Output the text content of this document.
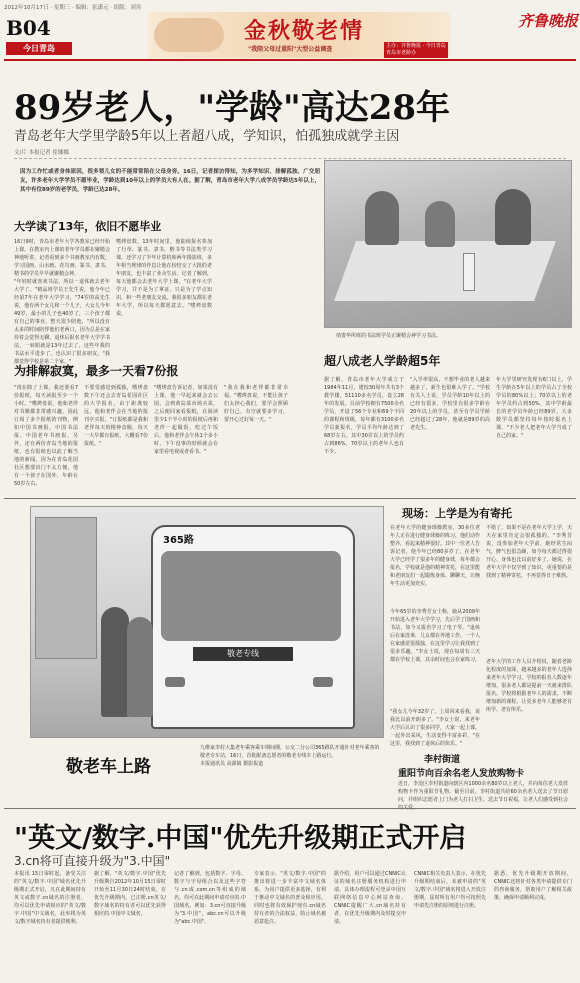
2012年10月17日 · 星期三 · 编辑：张潇元 · 组版：刘宾
B04
今日青岛
金秋敬老情
"我陪父母过重阳"大型公益调查	主办：齐鲁晚报 · 今日青岛
青岛市老龄办
齐鲁晚报
89岁老人，"学龄"高达28年
青岛老年大学里学龄5年以上者超八成，学知识，怕孤独成就学主因
文/片 本报记者 崔娜娜
因为工作忙或者身体原因，很多领儿女的不能常常陪在父母身旁。16日，记者探访得知，为多学知识、排解孤独、广交朋友，许多老年大学学员不愿毕业，学龄达到10年以上的学员大有人在。据了解，青岛市老年大学八成学员学龄达5年以上，其中有位89岁的老学员，学龄已达28年。
大学读了13年，依旧不愿毕业
16日9时，青岛市老年大学各教室已经开始上课。在教室内上课的老年学员都在聚精会神地听讲，记者看到多个书画教室内有数，学习国画、山水画、花鸟画、篆书、隶书，精书的学员早早就聚精会神，
"年轻时就喜欢书法，所以一退休就去老年大学了。"精品班学员王先生说，他今年已经第7年在老年大学学习，"74岁的高先生说，他有两个女儿和一个儿子，大女儿今年49岁，最小的儿子也40岁了，三个孩子都有自己的事业，整天很少陪他，"所以没有太多的时间陪伴他们老两口，因为总是在家待着会觉得无聊，退休后报名老年大学学书法，一转眼就是13年过去了，这些年我的书法水平进步了，也认识了很多朋友，"我都觉得学校是第二个家。"
嗜烤盘数、13年时间里，他陆续报名参加了行草、篆书、隶书，楷书等书法类学习课。还学习了半年计算机和两年摄影班，多年相当规律的作息让他在校结交了大批的老年朋友，也丰富了业余生活。记者了解到，每天他都会去老年大学上课，"在老年大学学习，并不是为了拿证，只是为了学点知识，和一些老朋友交流。我很多朋友都在老年大学，所以每天都愿意去。"嗜烤盘数说。
为排解寂寞，最多一天看7份报
"现在除了上课，我还要看7份报纸，每天读报至少一个小时。"嗜烤盘说，他和老伴对书籍都非常感兴趣，因此订阅了多个报纸的刊物，例如中国书画报、中国书法报、中国老年书画报，另外，还有两份青岛当地的报纸，也有报纸也以此了解当地的新闻。因为在青岛花园社区想要出门不太方便，他有一个孩子在国外，年龄在50岁左右。
不要受感觉到孤独，嗜烤盘数下午还会去青岛花园社区的大学报名，由于距离较远，他和老伴会在当地的报刊亭买报，"订报纸都是我和老伴每天的精神食粮，每天一大早都有报纸，大概看7份报纸。"
"嗜烤盘告诉记者，如果没有上课，他一早起来就会去公园，会到黄岛菜市场买菜，之后便回家看报纸，在阅读里少1个半小时的报纸后再和老伴一起做饭，吃过午饭后，他和老伴会午休1个多小时，下午没事的时候就会在家里看电视或者看书。"
"我在我和老伴都非常幸福。"嗜烤盘说，不能让孩子们太担心我们，要学会照顾好自己，有空就要多学习，要开心过好每一天。"
靖娄华所班的书法班学员正聚精会神学习书法。
超八成老人学龄超5年
据了解，青岛市老年大学成立于1984年11月，建校30周年共有3个教学楼，51110多名学员，设立28年的发展，目前学校拥有7500余名学员，开设了56个专业和69个不同的课程和班级，每年都有3100多名学员新报名，学员平均年龄达到了68岁左右，其中30岁以上的学员约占到86%，70岁以上的老年人也有不少。
"入学率很高，不想毕业的老人越来越多了，新生也很难入学了。"学校有关人士说，学员学龄10年以上的已经有很多，学校里有很多学龄在20年以上的学员，甚至有学员学龄已经超过了28年，他就是89岁的高老先生。
年大学里研究发现有6门以上，学生学龄在5年以上的学员占了全校学员的80%以上；70岁以上的老年学员约占到50%，其中学龄最长的老学员年龄已经89岁，大多数学员都坚持每年按时报名上课。"不少老人把老年大学当成了自己的家。"
365路
敬老专线
敬老车上路
九维家李村大集老年乘客乘车期间期，公交二分公司365路队开通针对老年乘客的敬老专车站，16日，首批配备志愿者的敬老专线车上路运行。
本报通讯员 高源婧 摄影报道
现场：上学是为有寄托
在老年大学的健身球操教室，30多位老年人正在进行健身球操的练习，他们动作整齐，看起来精神很好。其中一位老人告诉记者，他今年已经80多岁了，在老年大学已经学了很多年的健身球，每年都会报名，学校就是他的精神寄托，在这里能和老朋友们一起锻炼身体、聊聊天，让晚年生活更加充实。
今年65岁的李秀芳女士称，她从2009年开始进入老年大学学习，先后学了国画和书法，如今又报名学习了电子琴。"退休后在家没事，儿女都在外地工作，一个人在家感觉很孤独，在这里学习让我找到了很多乐趣。"李女士说，现在每周有三天都在学校上课，其余时间也会在家练习。
"我女儿今年32岁了，上周回来看我，说我比以前开朗多了。"李女士说，来老年大学后认识了很多同学，大家一起上课、一起外出采风，生活变得丰富多彩，"在这里，我找到了退休后的快乐。"
不错了。如果不是在老年大学上学，天天在家里肯定会很孤独的。"李秀芳说，没参加老年大学前，她经常生闷气，脾气也很急躁，如今每天都过得很开心，身体也比以前好多了。她说，在老年大学不仅学到了知识，更重要的是找到了精神寄托，不再觉得日子难熬。
老年大学的工作人员介绍说，随着老龄化程度的加深，越来越多的老年人选择来老年大学学习，学校的报名人数逐年增加，很多老人都是提前一天就来排队报名。学校将根据老年人的需求，不断增加新的课程，让更多老年人能够老有所学、老有所乐。
李村街道
重阳节向百余名老人发放购物卡
近日，李沧区李村街道向辖区内1000余名80岁以上老人，并向每位老人发放购物卡作为重阳节礼物。截至目前，李村街道共给60余名老人送去了节日慰问，并组织志愿者上门为老人打扫卫生、送去节日祝福，让老人们感受到社会
"英文/数字.中国"优先升级期正式开启
3.cn将可直接升级为"3.中国"
本报讯 15日零时起，备受关注的"英文/数字.中国"域名优先升级期正式开启，凡在此期间持有英文或数字.cn域名的注册者，均可以优先申请相应的"英文/数字.中国"中文域名，此举将为英文/数字域名持有者提供便利。
据了解，"英文/数字.中国"优先升级期自2012年10月15日零时开始至11月30日24时结束，在优先升级期内，已注册.cn英文/数字域名的持有者可以优先获得相应的.中国中文域名。
记者了解到，包括数字、字母、数字与字母组合以及这些字符与.cn或.com.cn等组成的域名，均可在此期间申请对应的.中国域名。例如：3.cn可直接升级为"3.中国"，abc.cn可以升级为"abc.中国"。
专家表示，"英文/数字.中国"的推出将进一步丰富中文域名体系，为用户提供更多选择，有利于推动中文域名的普及和应用，同时也将有效保护现有.cn域名持有者的合法权益，防止域名被恶意抢注。
据介绍，用户可以通过CNNIC认证的域名注册服务机构进行申请，具体办理流程可登录中国互联网络信息中心网站查询。CNNIC提醒广大.cn域名持有者，在优先升级期内及时提交申请。
CNNIC相关负责人表示，在优先升级期结束后，未被申请的"英文/数字.中国"域名将进入开放注册期，届时所有用户均可按照先申请先注册的原则进行注册。
据悉，优先升级期开放期间，CNNIC还将针对各类申请提供专门的咨询服务，帮助用户了解相关政策，确保申请顺利完成。
